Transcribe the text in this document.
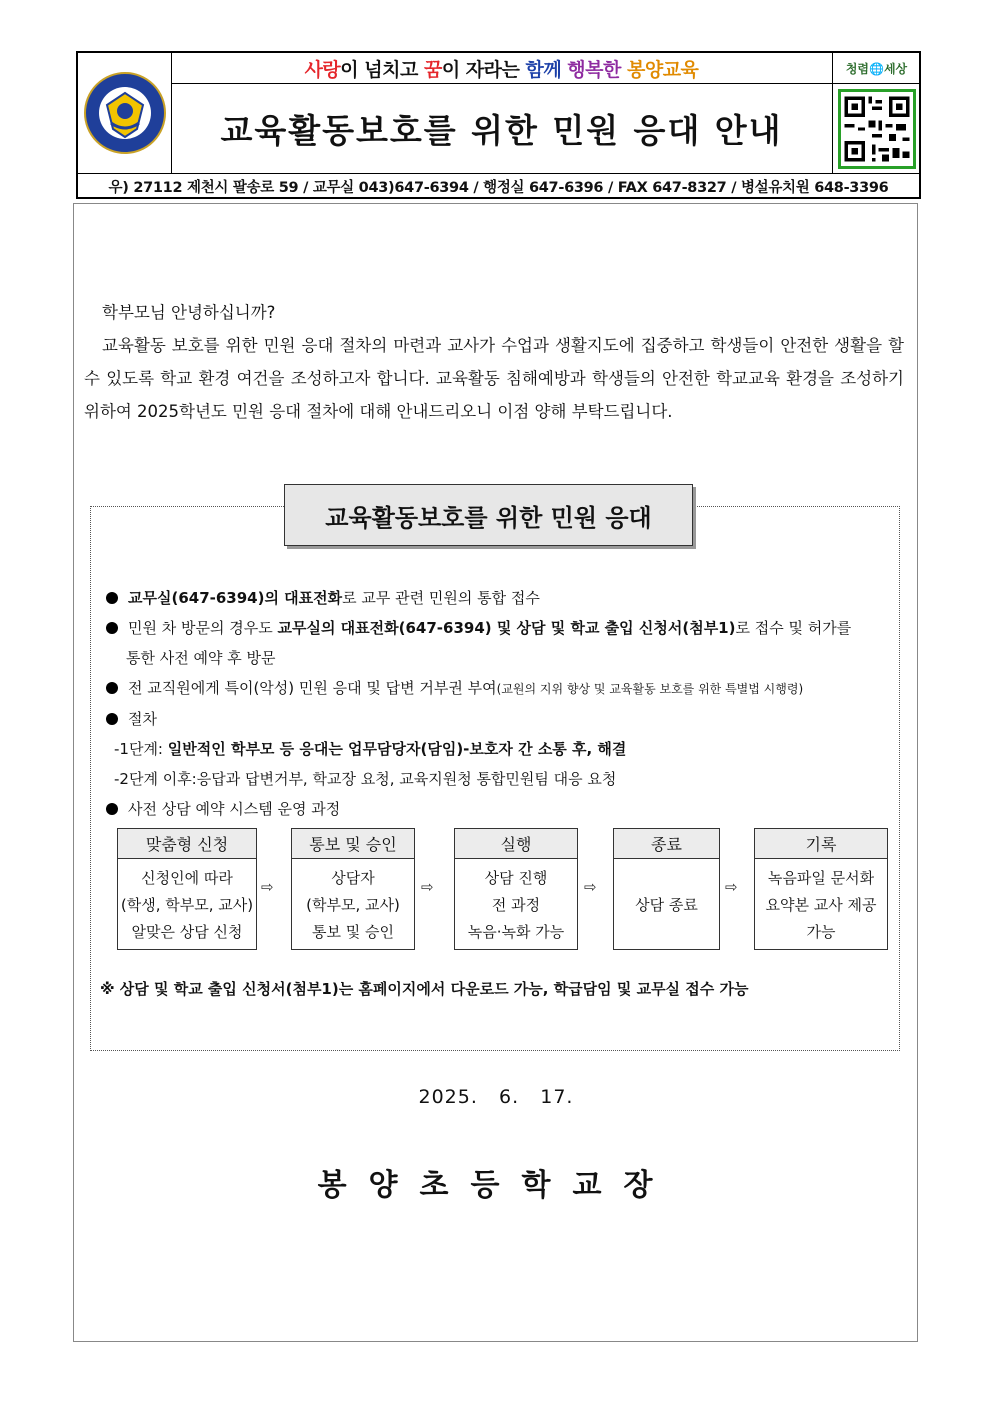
사랑 이 넘치고 꿈 이 자라는 함께 행복한 봉양교육
교육활동보호를 위한 민원 응대 안내
청렴🌐세상
우) 27112 제천시 팔송로 59 / 교무실 043)647-6394 / 행정실 647-6396 / FAX 647-8327 / 병설유치원 648-3396

학부모님 안녕하십니까?

교육활동 보호를 위한 민원 응대 절차의 마련과 교사가 수업과 생활지도에 집중하고 학생들이 안전한 생활을 할 수 있도록 학교 환경 여건을 조성하고자 합니다. 교육활동 침해예방과 학생들의 안전한 학교교육 환경을 조성하기 위하여 2025학년도 민원 응대 절차에 대해 안내드리오니 이점 양해 부탁드립니다.

교육활동보호를 위한 민원 응대
교무실(647-6394)의 대표전화로 교무 관련 민원의 통합 접수
민원 차 방문의 경우도 교무실의 대표전화(647-6394) 및 상담 및 학교 출입 신청서(첨부1)로 접수 및 허가를
통한 사전 예약 후 방문
전 교직원에게 특이(악성) 민원 응대 및 답변 거부권 부여(교원의 지위 향상 및 교육활동 보호를 위한 특별법 시행령)
절차
-1단계: 일반적인 학부모 등 응대는 업무담당자(담임)-보호자 간 소통 후, 해결
-2단계 이후:응답과 답변거부, 학교장 요청, 교육지원청 통합민원팀 대응 요청
사전 상담 예약 시스템 운영 과정
맞춤형 신청
신청인에 따라
(학생, 학부모, 교사)
알맞은 상담 신청
⇨
통보 및 승인
상담자
(학부모, 교사)
통보 및 승인
⇨
실행
상담 진행
전 과정
녹음·녹화 가능
⇨
종료
상담 종료
⇨
기록
녹음파일 문서화
요약본 교사 제공
가능
※ 상담 및 학교 출입 신청서(첨부1)는 홈페이지에서 다운로드 가능, 학급담임 및 교무실 접수 가능
2025.   6.   17.
봉양초등학교장
